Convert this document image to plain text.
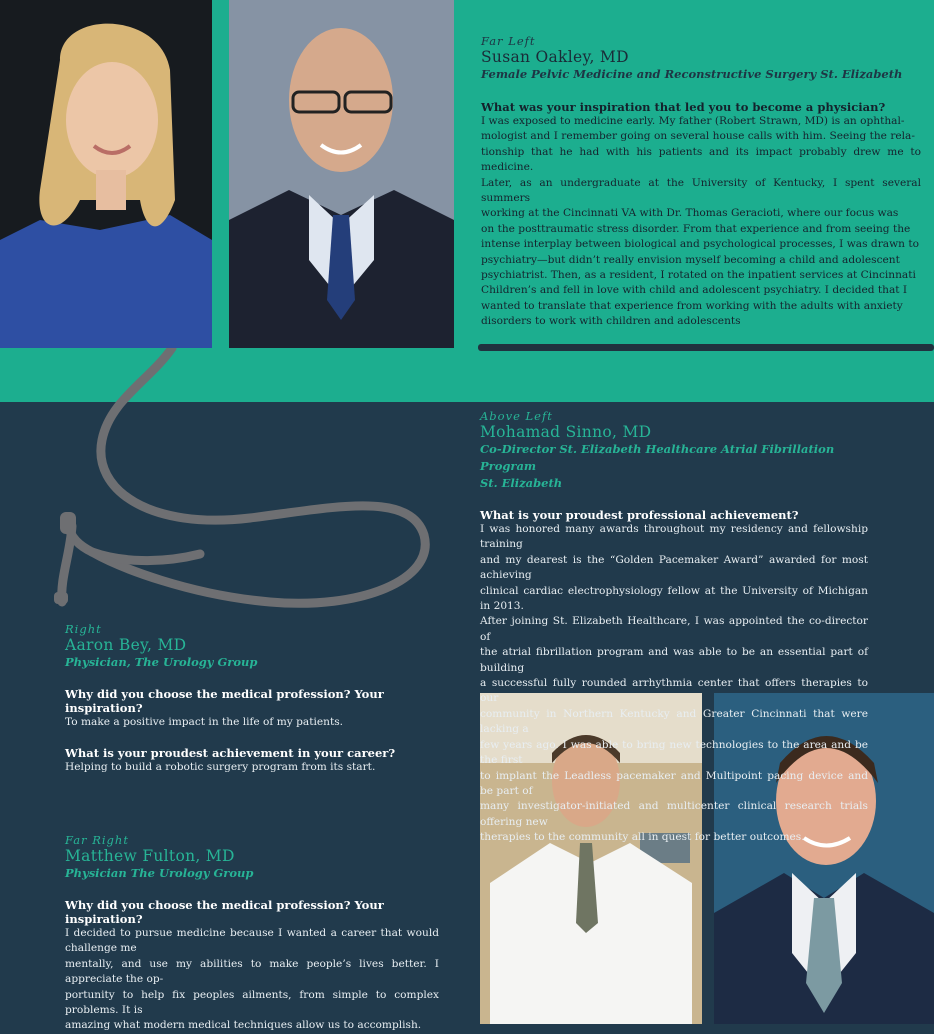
Far Left
Susan Oakley, MD
Female Pelvic Medicine and Reconstructive Surgery St. Elizabeth
What was your inspiration that led you to become a physician?
I was exposed to medicine early. My father (Robert Strawn, MD) is an ophthal-
mologist and I remember going on several house calls with him. Seeing the rela-
tionship that he had with his patients and its impact probably drew me to medicine.
Later, as an undergraduate at the University of Kentucky, I spent several summers
working at the Cincinnati VA with Dr. Thomas Geracioti, where our focus was
on the posttraumatic stress disorder. From that experience and from seeing the
intense interplay between biological and psychological processes, I was drawn to
psychiatry—but didn’t really envision myself becoming a child and adolescent
psychiatrist. Then, as a resident, I rotated on the inpatient services at Cincinnati
Children’s and fell in love with child and adolescent psychiatry. I decided that I
wanted to translate that experience from working with the adults with anxiety
disorders to work with children and adolescents
Above Left
Mohamad Sinno, MD
Co-Director St. Elizabeth Healthcare Atrial Fibrillation Program
St. Elizabeth
What is your proudest professional achievement?
I was honored many awards throughout my residency and fellowship training
and my dearest is the “Golden Pacemaker Award” awarded for most achieving
clinical cardiac electrophysiology fellow at the University of Michigan in 2013.
After joining St. Elizabeth Healthcare, I was appointed the co-director of
the atrial fibrillation program and was able to be an essential part of building
a successful fully rounded arrhythmia center that offers therapies to our
community in Northern Kentucky and Greater Cincinnati that were lacking a
few years ago. I was able to bring new technologies to the area and be the first
to implant the Leadless pacemaker and Multipoint pacing device and be part of
many investigator-initiated and multicenter clinical research trials offering new
therapies to the community all in quest for better outcomes.
Right
Aaron Bey, MD
Physician, The Urology Group
Why did you choose the medical profession? Your inspiration?
To make a positive impact in the life of my patients.
What is your proudest achievement in your career?
Helping to build a robotic surgery program from its start.
Far Right
Matthew Fulton, MD
Physician The Urology Group
Why did you choose the medical profession? Your inspiration?
I decided to pursue medicine because I wanted a career that would challenge me
mentally, and use my abilities to make people’s lives better. I appreciate the op-
portunity to help fix peoples ailments, from simple to complex problems. It is
amazing what modern medical techniques allow us to accomplish.
